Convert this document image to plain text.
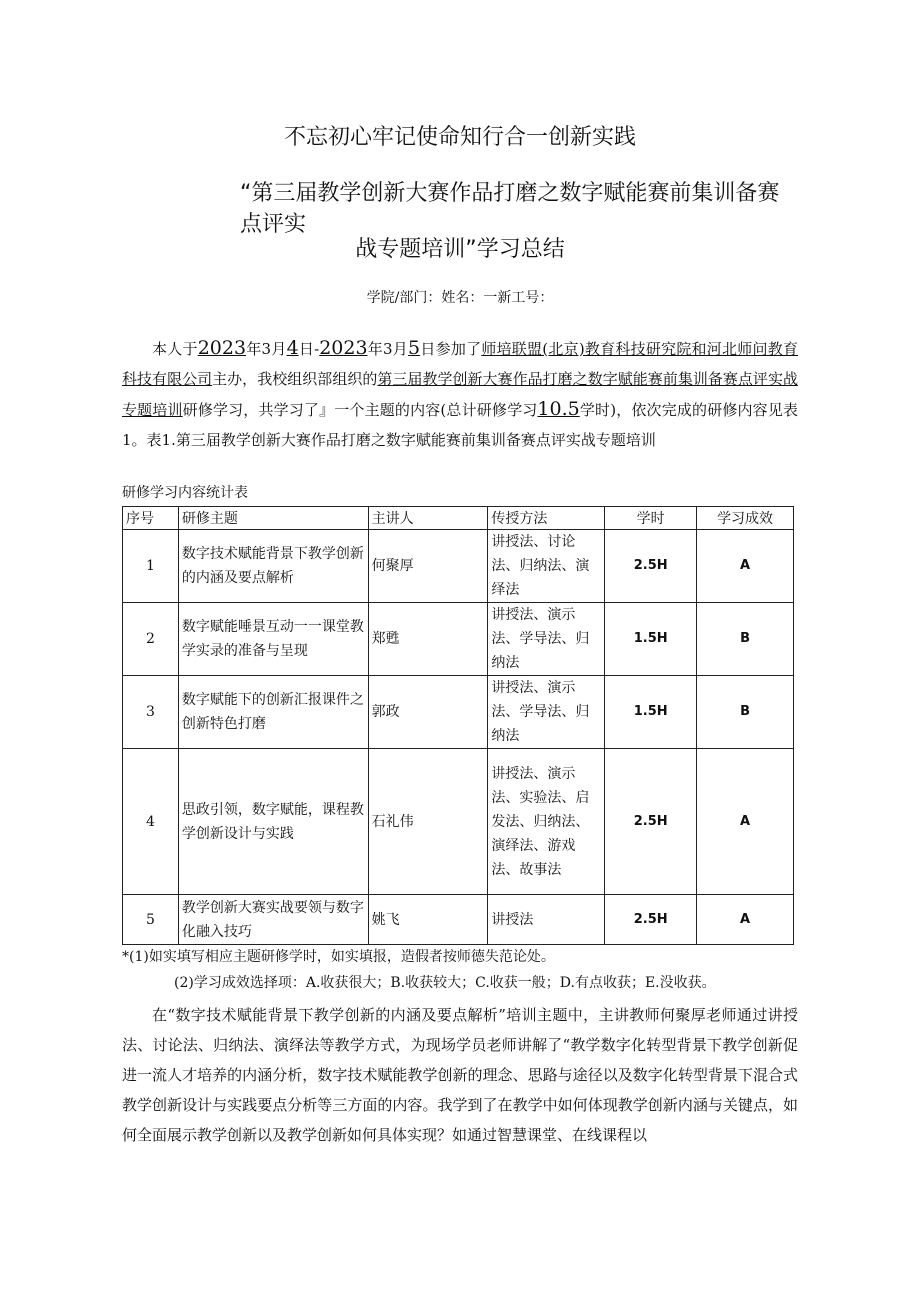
不忘初心牢记使命知行合一创新实践
“第三届教学创新大赛作品打磨之数字赋能赛前集训备赛点评实
战专题培训”学习总结
学院/部门：姓名：一新工号：
本人于2023年3月4日-2023年3月5日参加了师培联盟(北京)教育科技研究院和河北师问教育科技有限公司主办，我校组织部组织的第三届教学创新大赛作品打磨之数字赋能赛前集训备赛点评实战专题培训研修学习，共学习了』一个主题的内容(总计研修学习10.5学时)，依次完成的研修内容见表1。表1.第三届教学创新大赛作品打磨之数字赋能赛前集训备赛点评实战专题培训
研修学习内容统计表
序号	研修主题	主讲人	传授方法	学时	学习成效
1	数字技术赋能背景下教学创新的内涵及要点解析	何聚厚	讲授法、讨论法、归纳法、演绎法	2.5H	A
2	数字赋能唾景互动一一课堂教学实录的准备与呈现	郑甦	讲授法、演示法、学导法、归纳法	1.5H	B
3	数字赋能下的创新汇报课件之创新特色打磨	郭政	讲授法、演示法、学导法、归纳法	1.5H	B
4	思政引领，数字赋能，课程教学创新设计与实践	石礼伟	讲授法、演示法、实验法、启发法、归纳法、演绎法、游戏法、故事法	2.5H	A
5	教学创新大赛实战要领与数字化融入技巧	姚飞	讲授法	2.5H	A
*(1)如实填写相应主题研修学时，如实填报，造假者按师德失范论处。
(2)学习成效选择项：A.收获很大；B.收获较大；C.收获一般；D.有点收获；E.没收获。
在“数字技术赋能背景下教学创新的内涵及要点解析”培训主题中，主讲教师何聚厚老师通过讲授法、讨论法、归纳法、演绎法等教学方式，为现场学员老师讲解了“教学数字化转型背景下教学创新促进一流人才培养的内涵分析，数字技术赋能教学创新的理念、思路与途径以及数字化转型背景下混合式教学创新设计与实践要点分析等三方面的内容。我学到了在教学中如何体现教学创新内涵与关键点，如何全面展示教学创新以及教学创新如何具体实现？如通过智慧课堂、在线课程以
